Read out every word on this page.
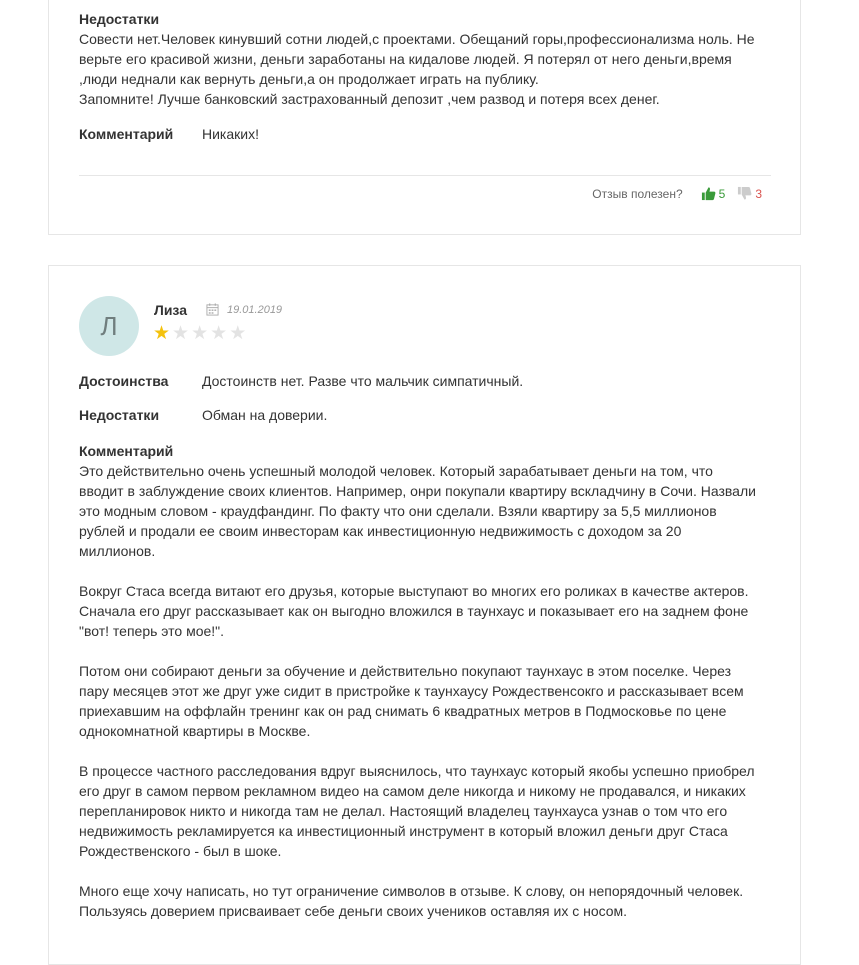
Недостатки
Совести нет.Человек кинувший сотни людей,с проектами. Обещаний горы,профессионализма ноль. Не
верьте его красивой жизни, деньги заработаны на кидалове людей. Я потерял от него деньги,время
,люди неднали как вернуть деньги,а он продолжает играть на публику.
Запомните! Лучше банковский застрахованный депозит ,чем развод и потеря всех денег.
Комментарий	Никаких!
Отзыв полезен?	5	3
Л
Лиза	19.01.2019
★ ★ ★ ★ ★
Достоинства	Достоинств нет. Разве что мальчик симпатичный.
Недостатки	Обман на доверии.
Комментарий
Это действительно очень успешный молодой человек. Который зарабатывает деньги на том, что
вводит в заблуждение своих клиентов. Например, онри покупали квартиру вскладчину в Сочи. Назвали
это модным словом - краудфандинг. По факту что они сделали. Взяли квартиру за 5,5 миллионов
рублей и продали ее своим инвесторам как инвестиционную недвижимость с доходом за 20
миллионов.
Вокруг Стаса всегда витают его друзья, которые выступают во многих его роликах в качестве актеров.
Сначала его друг рассказывает как он выгодно вложился в таунхаус и показывает его на заднем фоне
"вот! теперь это мое!".
Потом они собирают деньги за обучение и действительно покупают таунхаус в этом поселке. Через
пару месяцев этот же друг уже сидит в пристройке к таунхаусу Рождественсокго и рассказывает всем
приехавшим на оффлайн тренинг как он рад снимать 6 квадратных метров в Подмосковье по цене
однокомнатной квартиры в Москве.
В процессе частного расследования вдруг выяснилось, что таунхаус который якобы успешно приобрел
его друг в самом первом рекламном видео на самом деле никогда и никому не продавался, и никаких
перепланировок никто и никогда там не делал. Настоящий владелец таунхауса узнав о том что его
недвижимость рекламируется ка инвестиционный инструмент в который вложил деньги друг Стаса
Рождественского - был в шоке.
Много еще хочу написать, но тут ограничение символов в отзыве. К слову, он непорядочный человек.
Пользуясь доверием присваивает себе деньги своих учеников оставляя их с носом.
